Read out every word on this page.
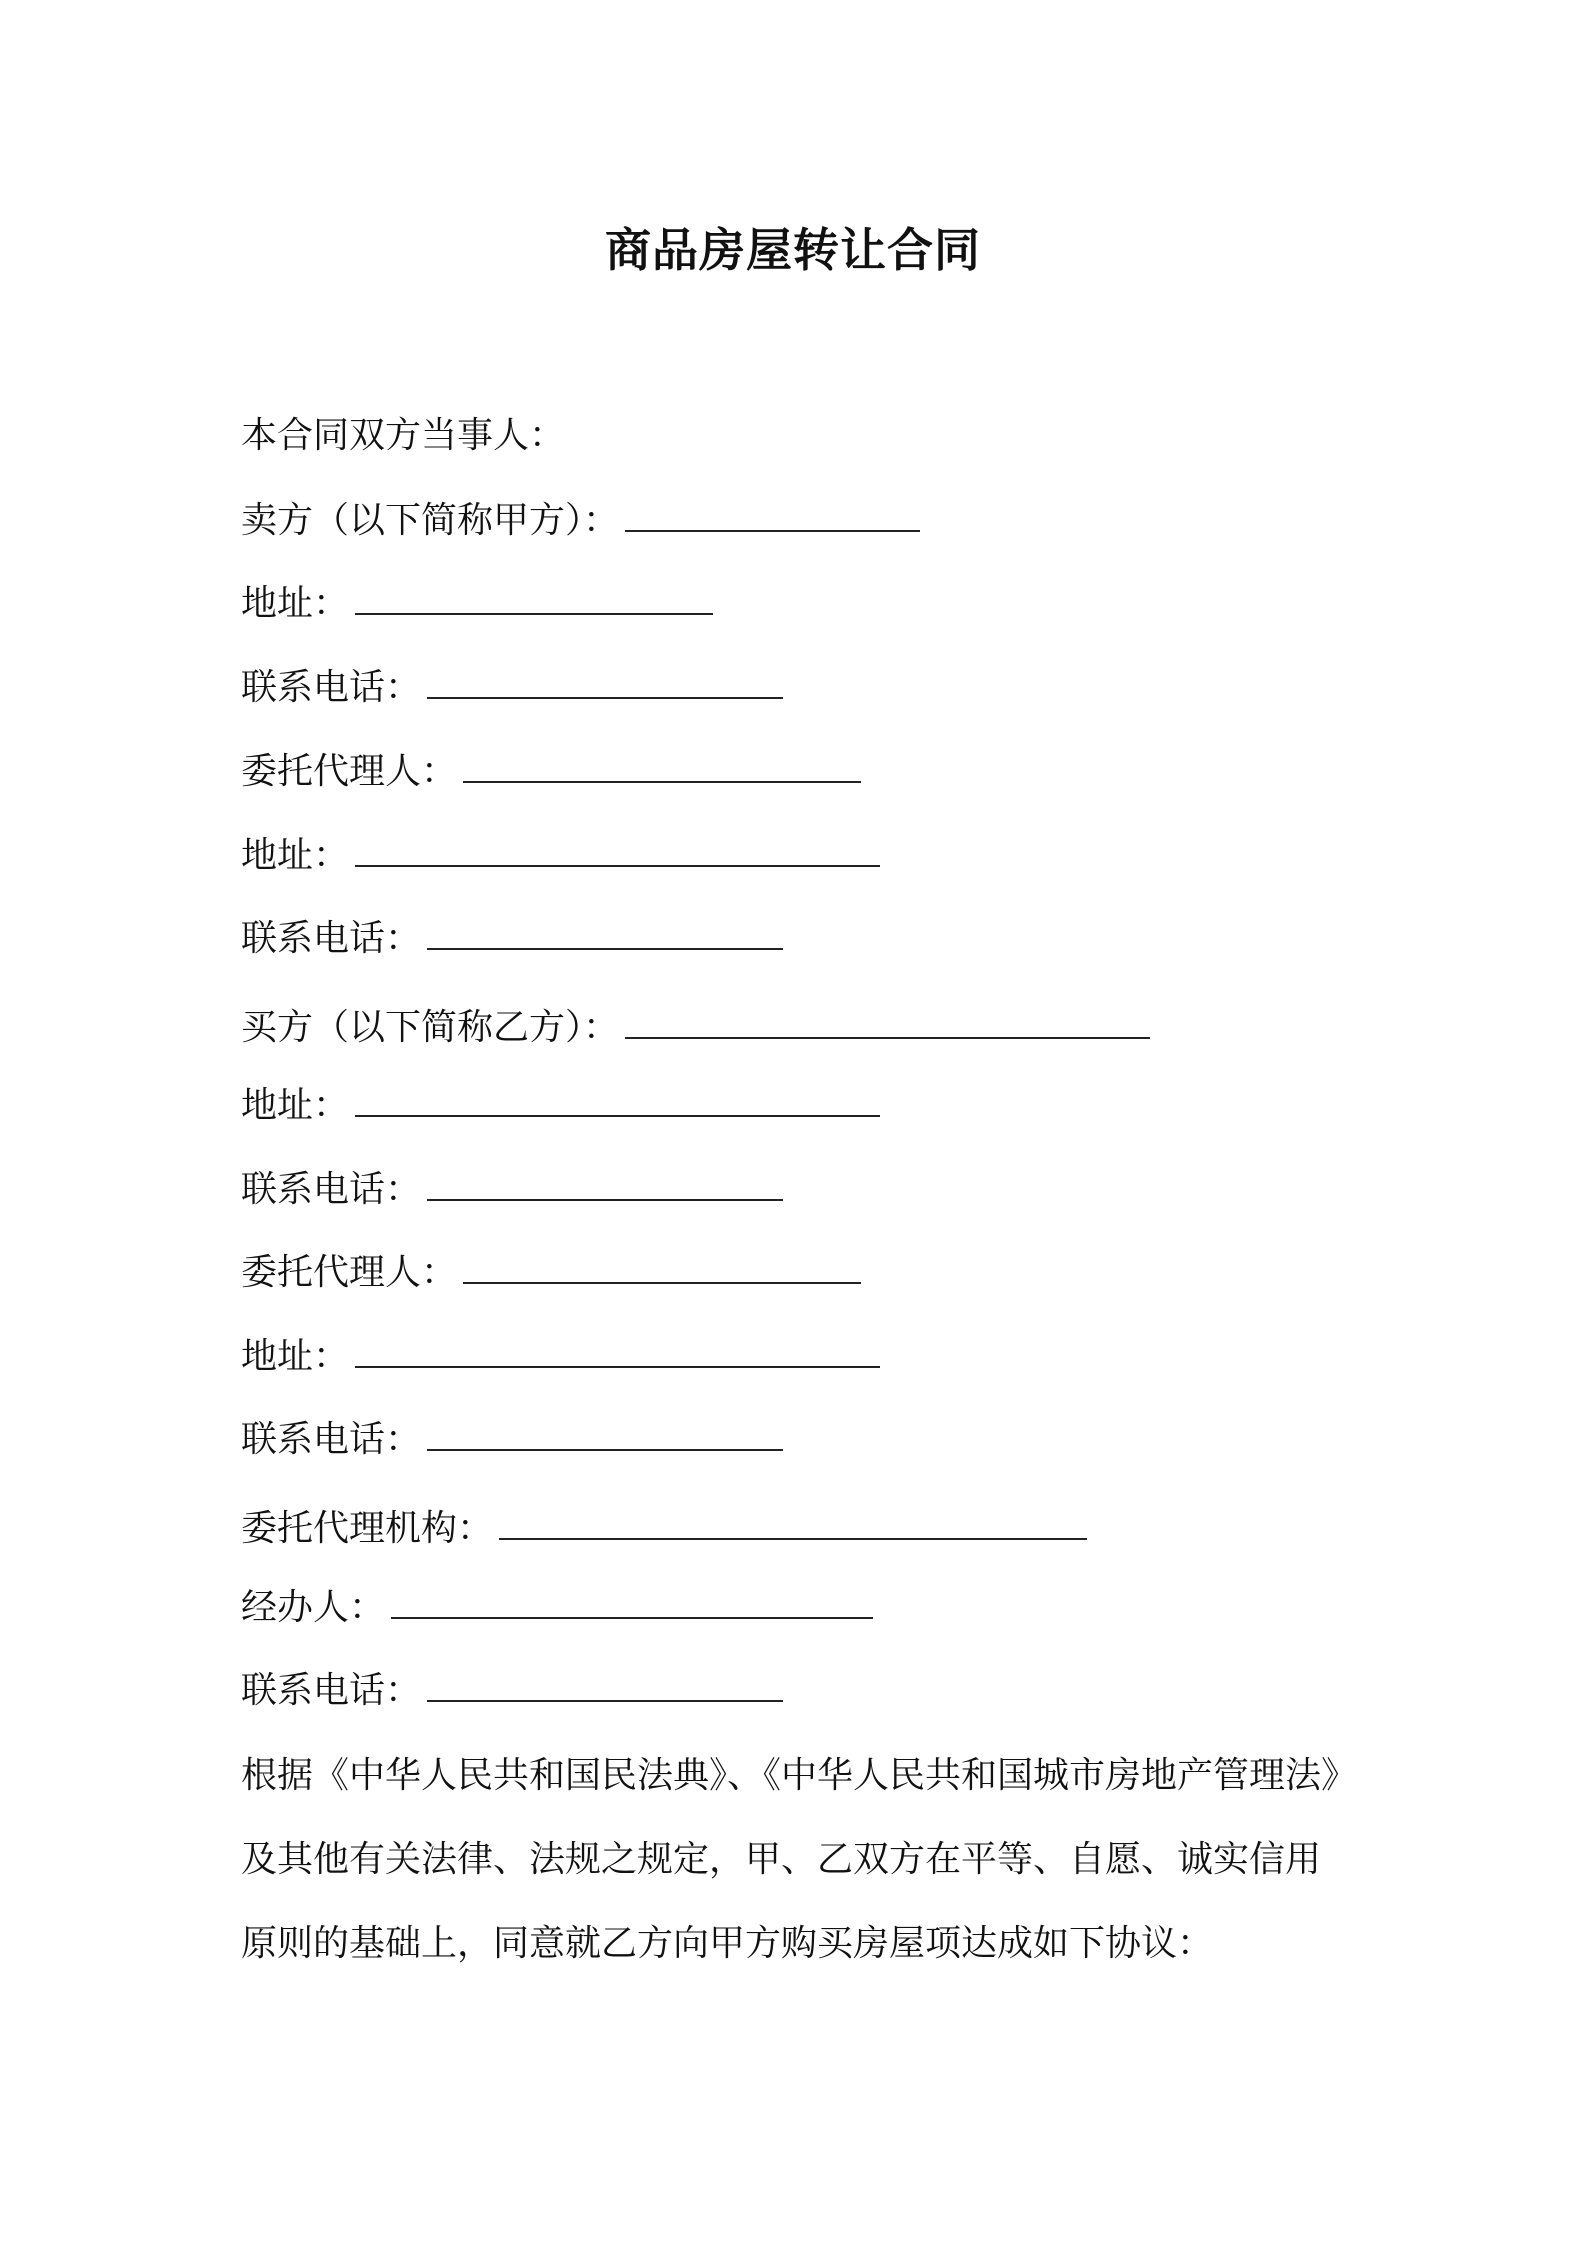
商品房屋转让合同
本合同双方当事人：
卖方（以下简称甲方）：
地址：
联系电话：
委托代理人：
地址：
联系电话：
买方（以下简称乙方）：
地址：
联系电话：
委托代理人：
地址：
联系电话：
委托代理机构：
经办人：
联系电话：
根据《中华人民共和国民法典》、《中华人民共和国城市房地产管理法》
及其他有关法律、法规之规定，甲、乙双方在平等、自愿、诚实信用
原则的基础上，同意就乙方向甲方购买房屋项达成如下协议：
